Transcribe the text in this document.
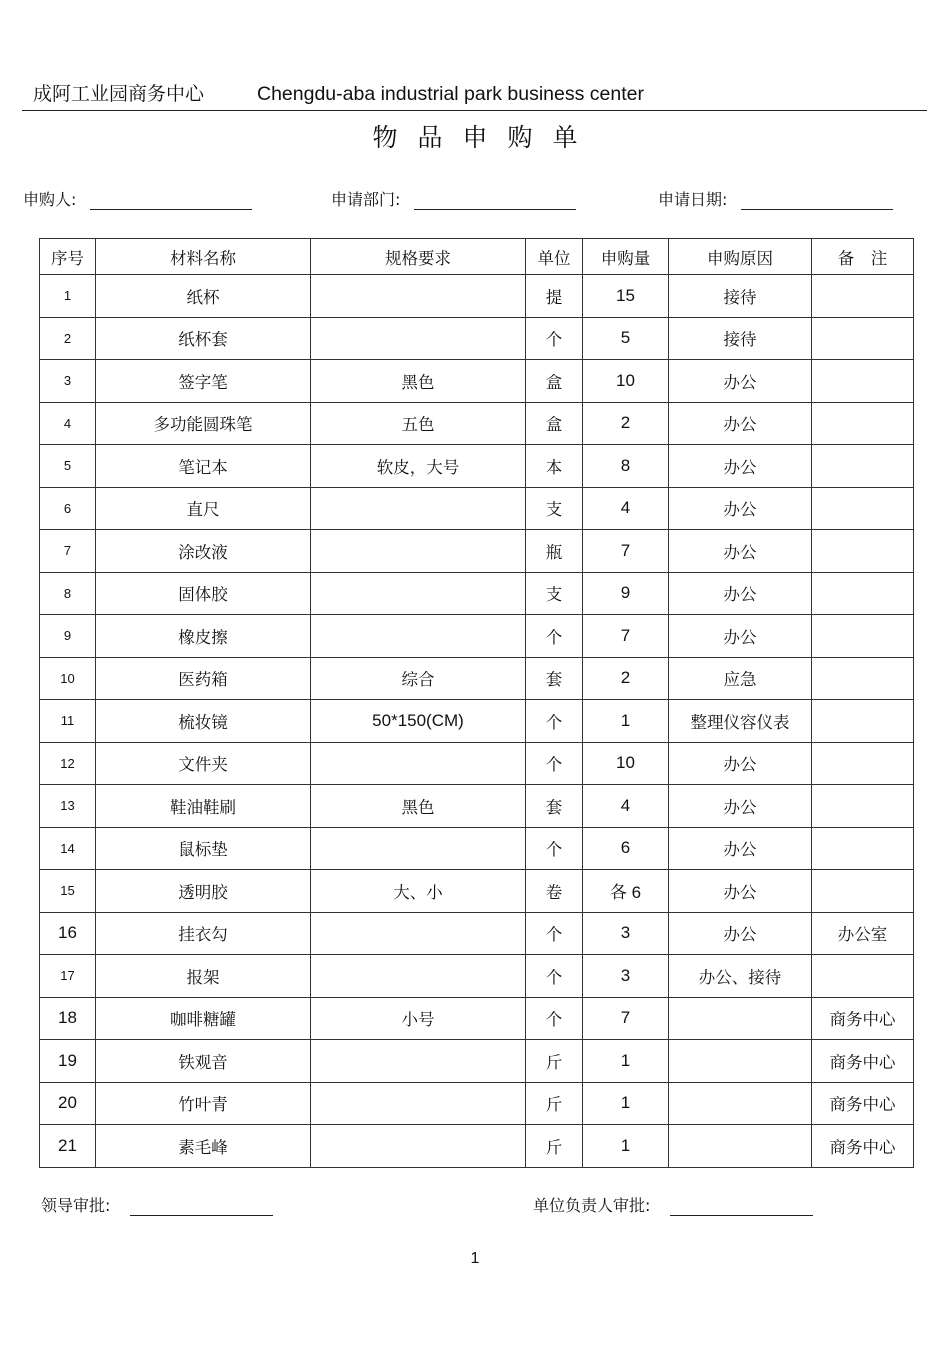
成阿工业园商务中心	Chengdu-aba industrial park business center
物品申购单
申购人:	申请部门:	申请日期:
序号	材料名称	规格要求	单位	申购量	申购原因	备　注
1	纸杯		提	15	接待	
2	纸杯套		个	5	接待	
3	签字笔	黑色	盒	10	办公	
4	多功能圆珠笔	五色	盒	2	办公	
5	笔记本	软皮，大号	本	8	办公	
6	直尺		支	4	办公	
7	涂改液		瓶	7	办公	
8	固体胶		支	9	办公	
9	橡皮擦		个	7	办公	
10	医药箱	综合	套	2	应急	
11	梳妆镜	50*150(CM)	个	1	整理仪容仪表	
12	文件夹		个	10	办公	
13	鞋油鞋刷	黑色	套	4	办公	
14	鼠标垫		个	6	办公	
15	透明胶	大、小	卷	各 6	办公	
16	挂衣勾		个	3	办公	办公室
17	报架		个	3	办公、接待	
18	咖啡糖罐	小号	个	7		商务中心
19	铁观音		斤	1		商务中心
20	竹叶青		斤	1		商务中心
21	素毛峰		斤	1		商务中心
领导审批:	单位负责人审批:
1
